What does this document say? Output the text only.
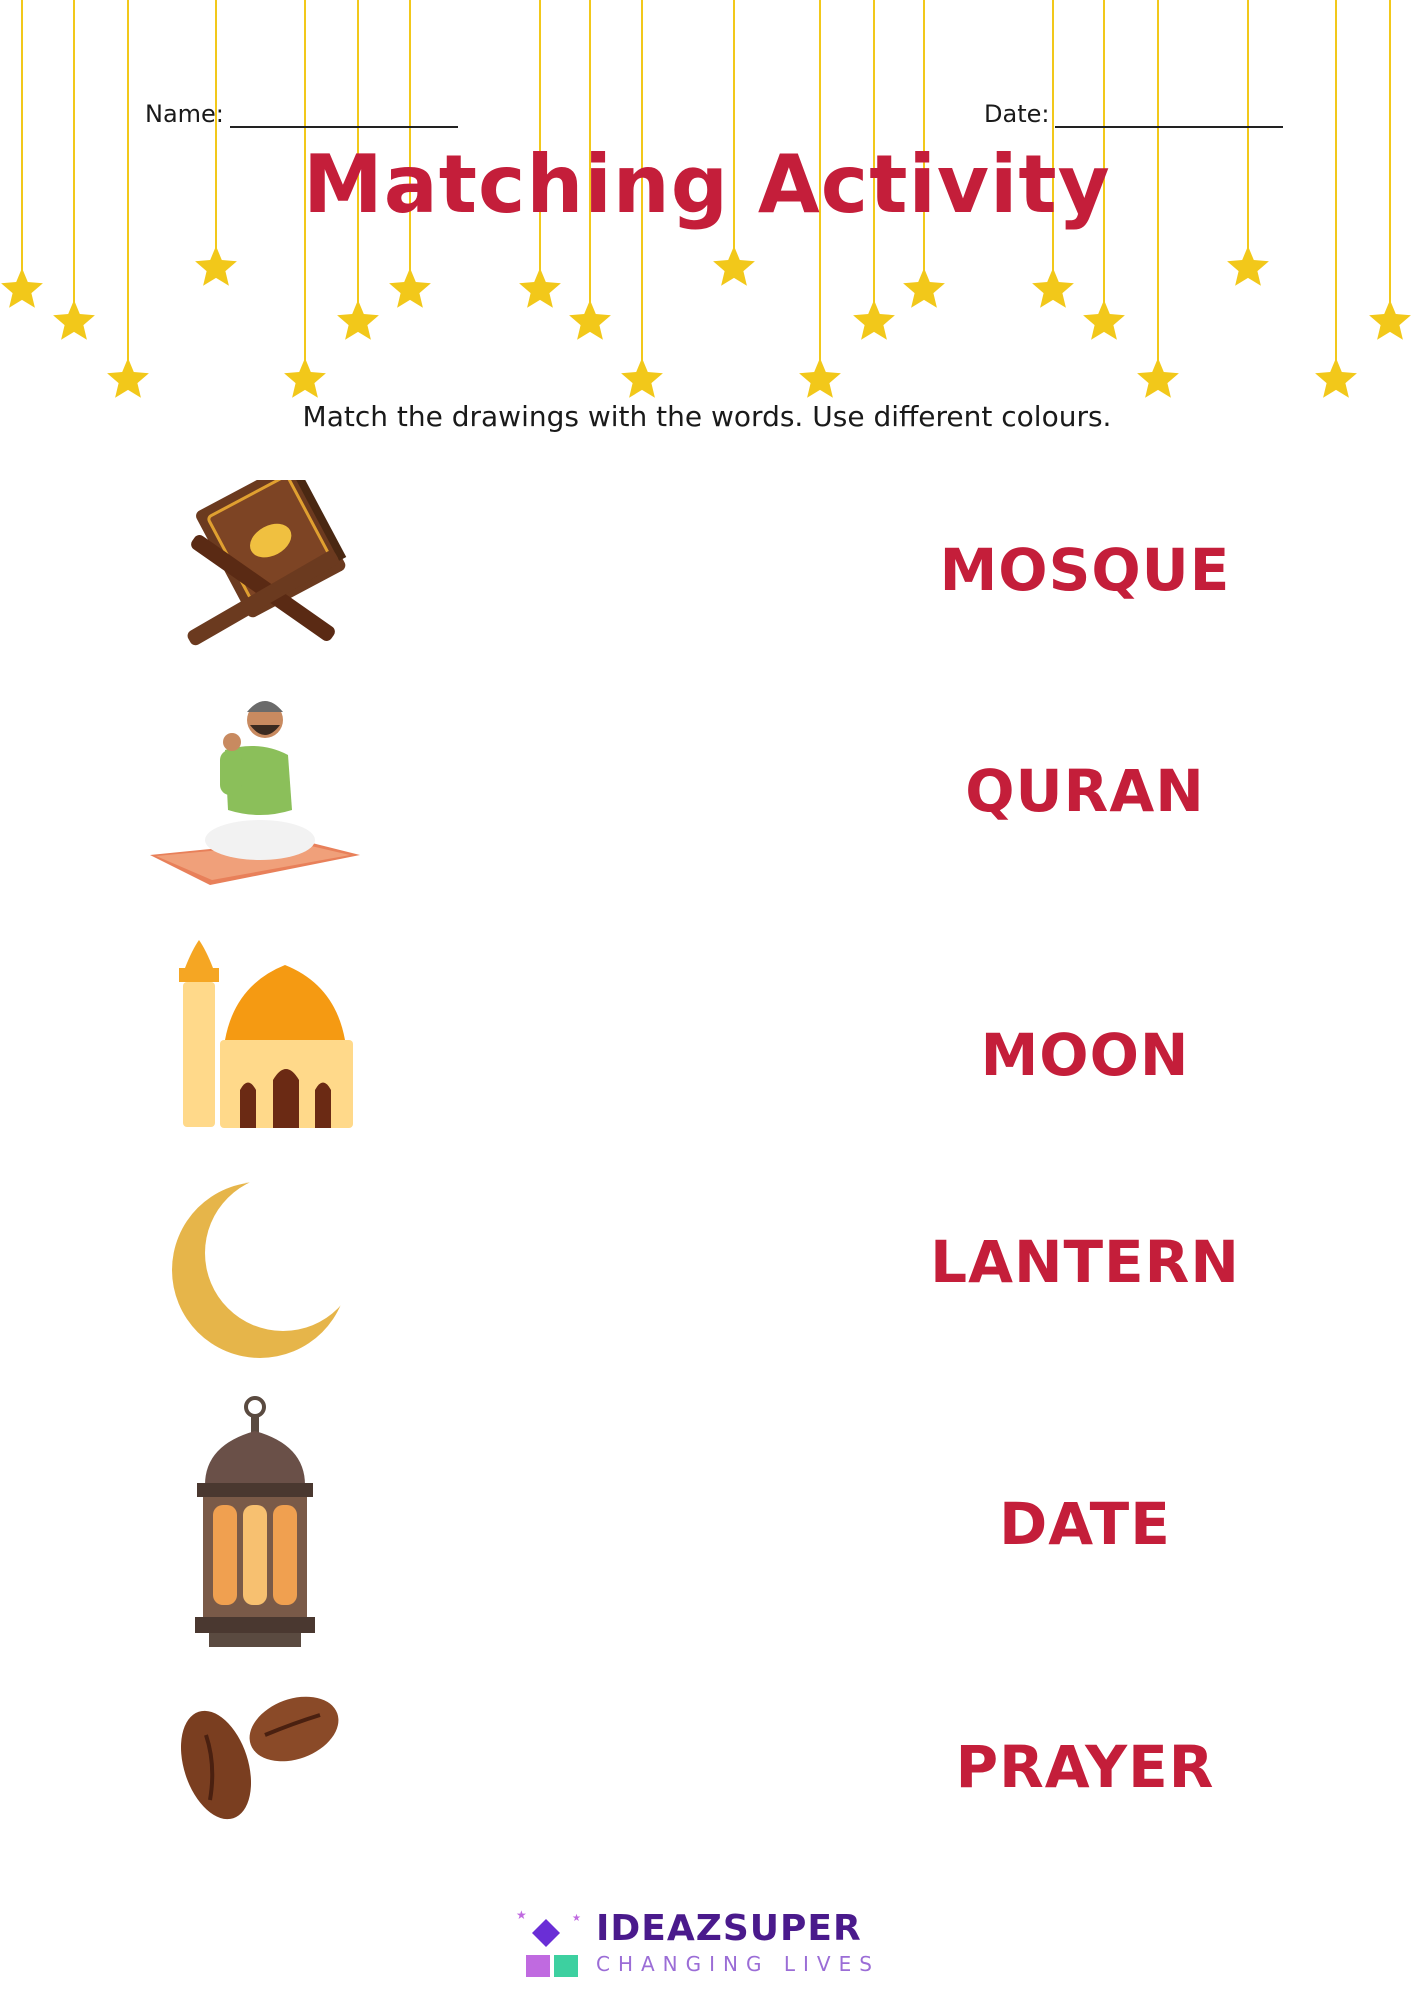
Name:	Date:
Matching Activity
Match the drawings with the words. Use different colours.
MOSQUE
QURAN
MOON
LANTERN
DATE
PRAYER
★	★ IDEAZSUPER
CHANGING LIVES
